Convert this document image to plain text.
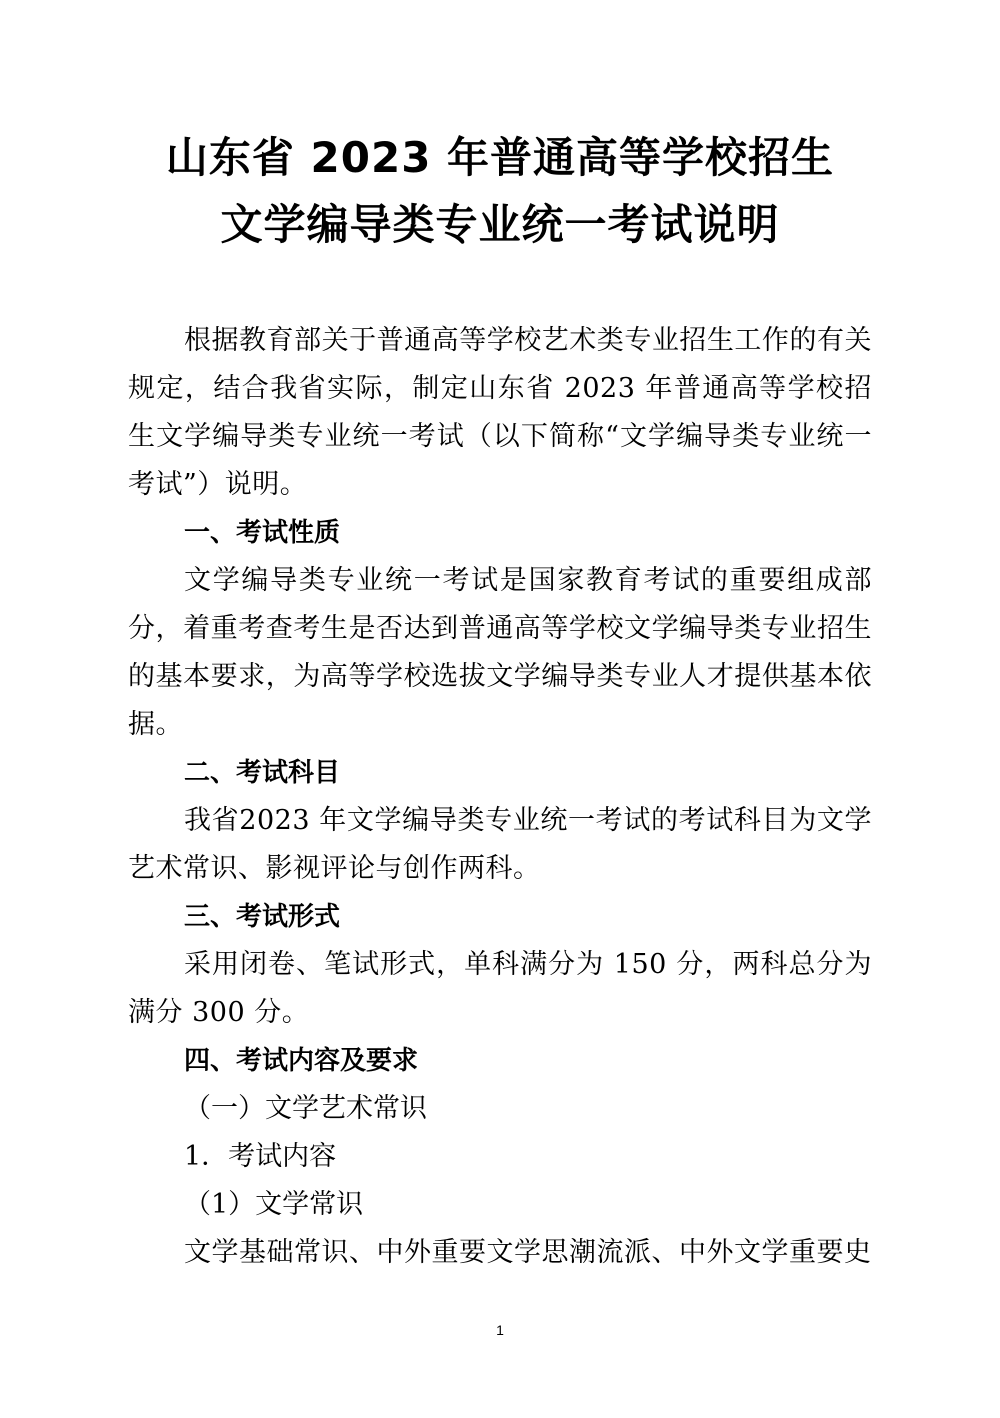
山东省 2023 年普通高等学校招生
文学编导类专业统一考试说明

根据教育部关于普通高等学校艺术类专业招生工作的有关规定，结合我省实际，制定山东省 2023 年普通高等学校招生文学编导类专业统一考试（以下简称“文学编导类专业统一考试”）说明。

一、考试性质

文学编导类专业统一考试是国家教育考试的重要组成部分，着重考查考生是否达到普通高等学校文学编导类专业招生的基本要求，为高等学校选拔文学编导类专业人才提供基本依据。

二、考试科目

我省2023 年文学编导类专业统一考试的考试科目为文学艺术常识、影视评论与创作两科。

三、考试形式

采用闭卷、笔试形式，单科满分为 150 分，两科总分为满分 300 分。

四、考试内容及要求

（一）文学艺术常识

1．考试内容

（1）文学常识

文学基础常识、中外重要文学思潮流派、中外文学重要史

1
